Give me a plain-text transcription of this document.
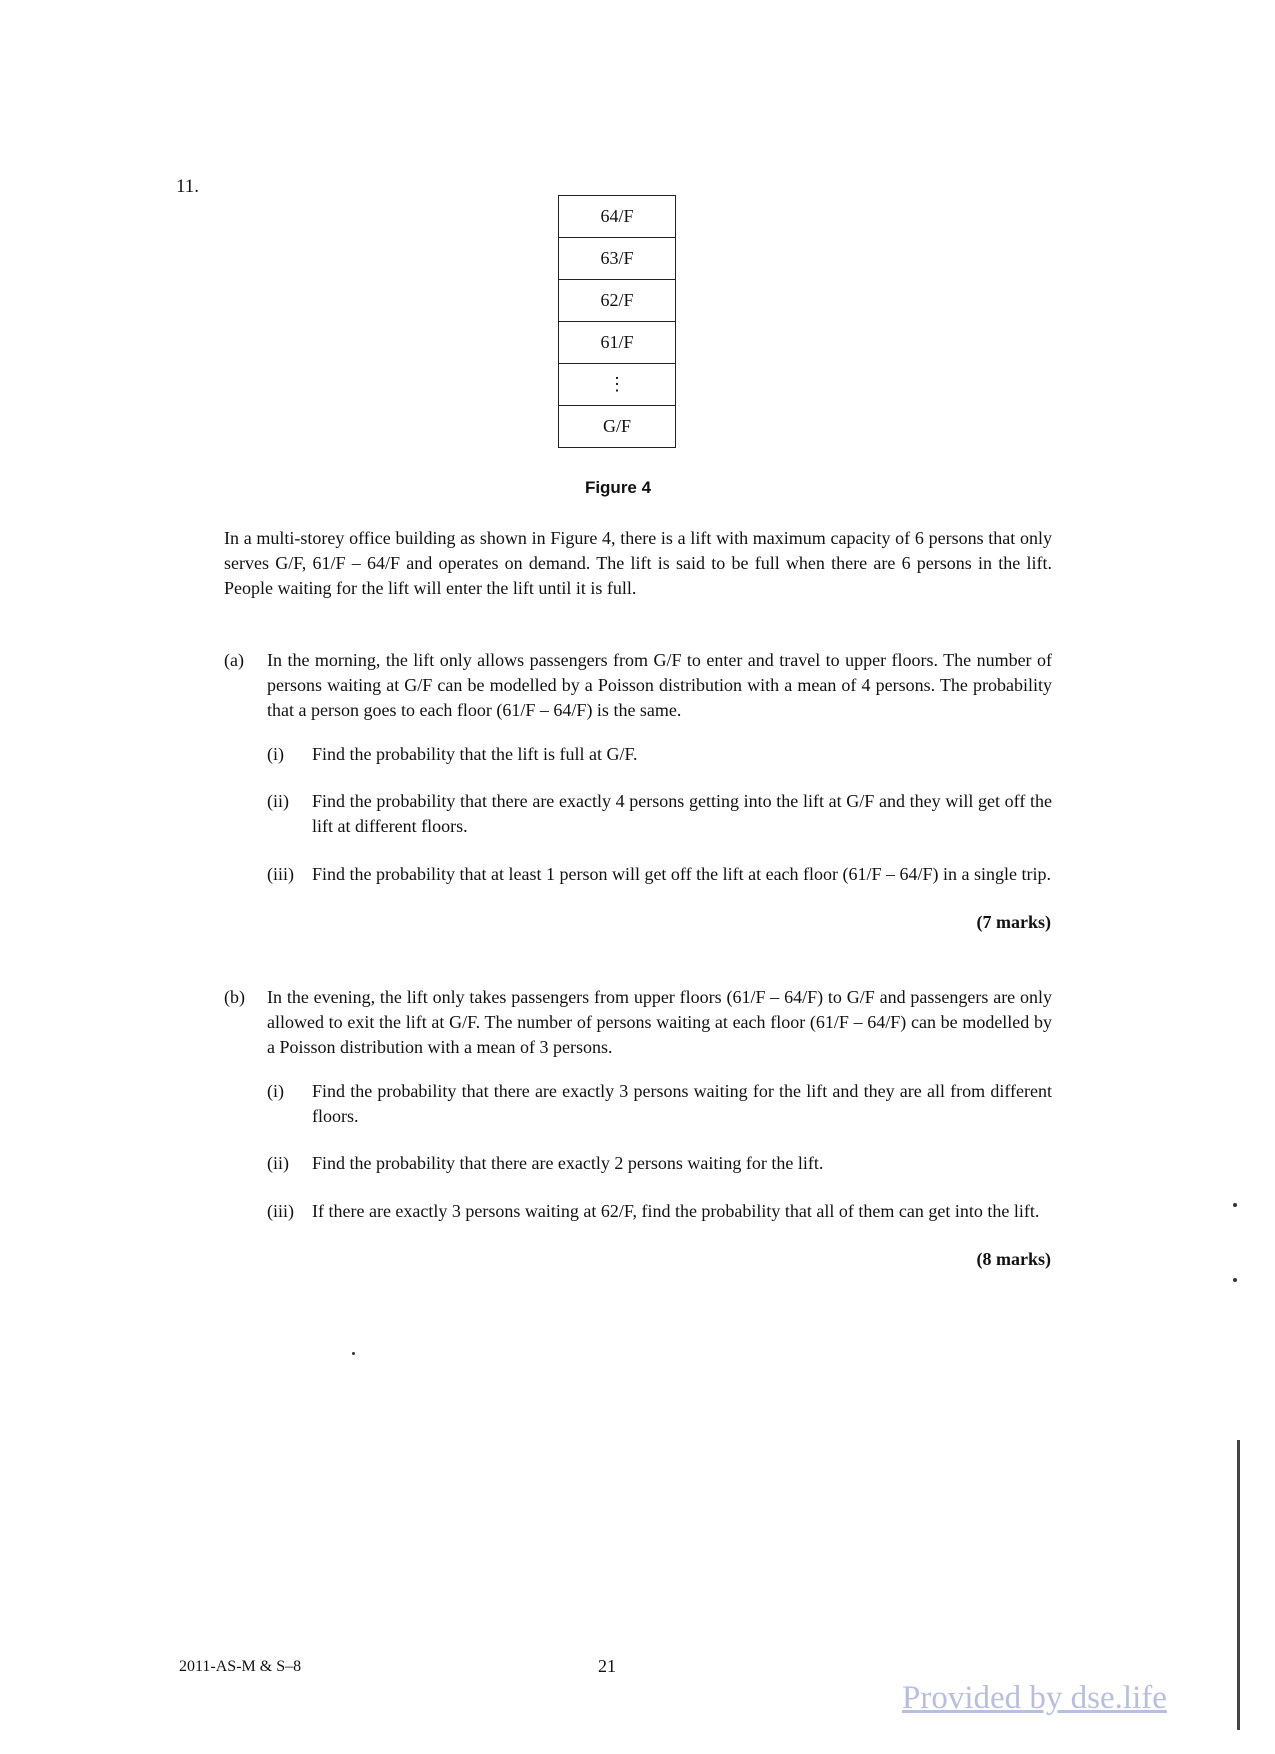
11.
64/F
63/F
62/F
61/F
⋮
G/F
Figure 4
In a multi-storey office building as shown in Figure 4, there is a lift with maximum capacity of 6 persons that only serves G/F, 61/F – 64/F and operates on demand. The lift is said to be full when there are 6 persons in the lift. People waiting for the lift will enter the lift until it is full.
(a) In the morning, the lift only allows passengers from G/F to enter and travel to upper floors. The number of persons waiting at G/F can be modelled by a Poisson distribution with a mean of 4 persons. The probability that a person goes to each floor (61/F – 64/F) is the same.
(i) Find the probability that the lift is full at G/F.
(ii) Find the probability that there are exactly 4 persons getting into the lift at G/F and they will get off the lift at different floors.
(iii) Find the probability that at least 1 person will get off the lift at each floor (61/F – 64/F) in a single trip.
(7 marks)
(b) In the evening, the lift only takes passengers from upper floors (61/F – 64/F) to G/F and passengers are only allowed to exit the lift at G/F. The number of persons waiting at each floor (61/F – 64/F) can be modelled by a Poisson distribution with a mean of 3 persons.
(i) Find the probability that there are exactly 3 persons waiting for the lift and they are all from different floors.
(ii) Find the probability that there are exactly 2 persons waiting for the lift.
(iii) If there are exactly 3 persons waiting at 62/F, find the probability that all of them can get into the lift.
(8 marks)
2011-AS-M & S–8	21
Provided by dse.life
